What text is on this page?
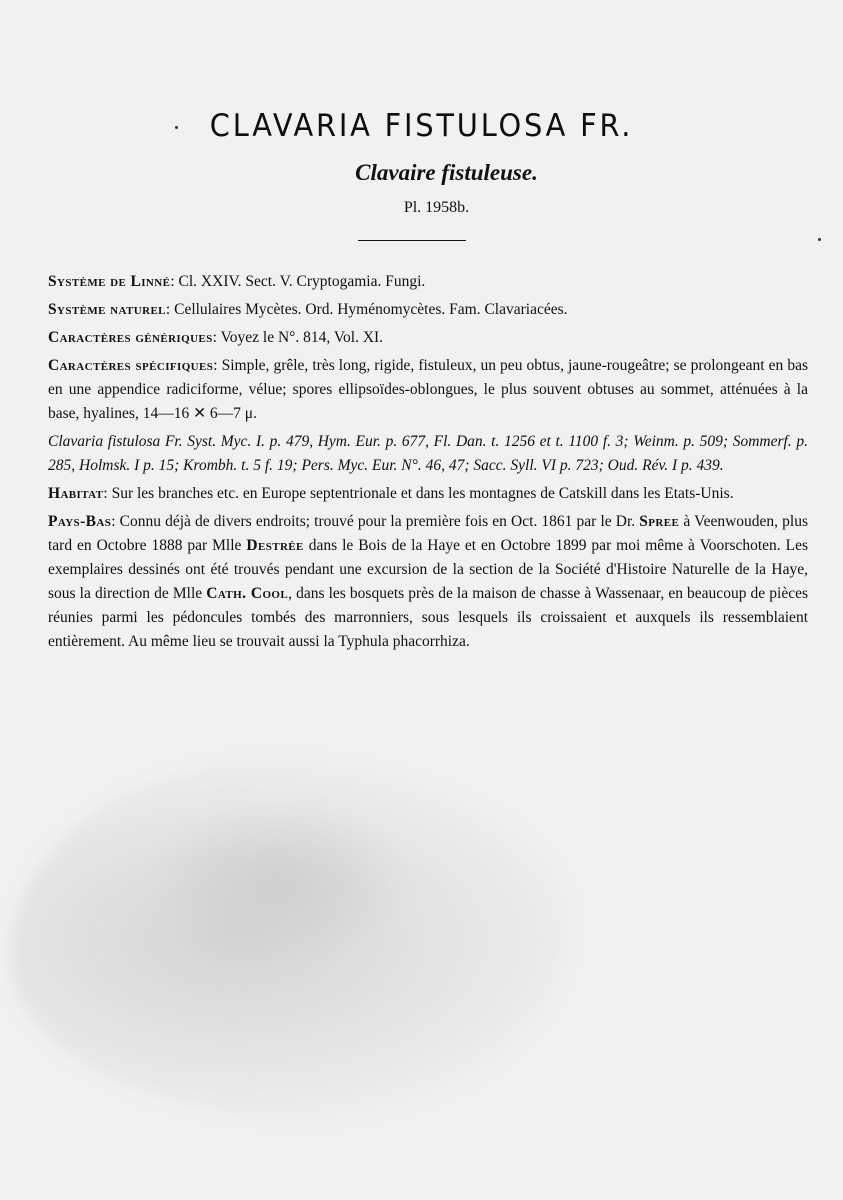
CLAVARIA FISTULOSA FR.
Clavaire fistuleuse.
Pl. 1958b.

Système de Linné: Cl. XXIV. Sect. V. Cryptogamia. Fungi.

Système naturel: Cellulaires Mycètes. Ord. Hyménomycètes. Fam. Clavariacées.

Caractères génériques: Voyez le N°. 814, Vol. XI.

Caractères spécifiques: Simple, grêle, très long, rigide, fistuleux, un peu obtus, jaune-rougeâtre; se prolongeant en bas en une appendice radiciforme, vélue; spores ellipsoïdes-oblongues, le plus souvent obtuses au sommet, atténuées à la base, hyalines, 14—16 ✕ 6—7 μ.

Clavaria fistulosa Fr. Syst. Myc. I. p. 479, Hym. Eur. p. 677, Fl. Dan. t. 1256 et t. 1100 f. 3; Weinm. p. 509; Sommerf. p. 285, Holmsk. I p. 15; Krombh. t. 5 f. 19; Pers. Myc. Eur. N°. 46, 47; Sacc. Syll. VI p. 723; Oud. Rév. I p. 439.

Habitat: Sur les branches etc. en Europe septentrionale et dans les montagnes de Catskill dans les Etats-Unis.

Pays-Bas: Connu déjà de divers endroits; trouvé pour la première fois en Oct. 1861 par le Dr. Spree à Veenwouden, plus tard en Octobre 1888 par Mlle Destrée dans le Bois de la Haye et en Octobre 1899 par moi même à Voorschoten. Les exemplaires dessinés ont été trouvés pendant une excursion de la section de la Société d'Histoire Naturelle de la Haye, sous la direction de Mlle Cath. Cool, dans les bosquets près de la maison de chasse à Wassenaar, en beaucoup de pièces réunies parmi les pédoncules tombés des marronniers, sous lesquels ils croissaient et auxquels ils ressemblaient entièrement. Au même lieu se trouvait aussi la Typhula phacorrhiza.
